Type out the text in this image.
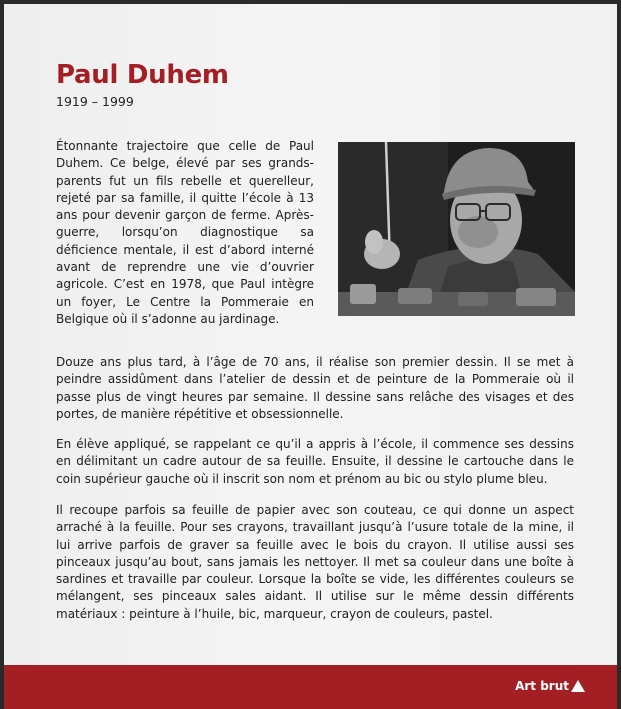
Paul Duhem
1919 – 1999

Étonnante trajectoire que celle de Paul Duhem. Ce belge, élevé par ses grands-parents fut un fils rebelle et querelleur, rejeté par sa famille, il quitte l’école à 13 ans pour devenir garçon de ferme. Après-guerre, lorsqu’on diagnostique sa déficience mentale, il est d’abord interné avant de reprendre une vie d’ouvrier agricole. C’est en 1978, que Paul intègre un foyer, Le Centre la Pommeraie en Belgique où il s’adonne au jardinage.

Douze ans plus tard, à l’âge de 70 ans, il réalise son premier dessin. Il se met à peindre assidûment dans l’atelier de dessin et de peinture de la Pommeraie où il passe plus de vingt heures par semaine. Il dessine sans relâche des visages et des portes, de manière répétitive et obsessionnelle.

En élève appliqué, se rappelant ce qu’il a appris à l’école, il commence ses dessins en délimitant un cadre autour de sa feuille. Ensuite, il dessine le cartouche dans le coin supérieur gauche où il inscrit son nom et prénom au bic ou stylo plume bleu.

Il recoupe parfois sa feuille de papier avec son couteau, ce qui donne un aspect arraché à la feuille. Pour ses crayons, travaillant jusqu’à l’usure totale de la mine, il lui arrive parfois de graver sa feuille avec le bois du crayon. Il utilise aussi ses pinceaux jusqu’au bout, sans jamais les nettoyer. Il met sa couleur dans une boîte à sardines et travaille par couleur. Lorsque la boîte se vide, les différentes couleurs se mélangent, ses pinceaux sales aidant. Il utilise sur le même dessin différents matériaux : peinture à l’huile, bic, marqueur, crayon de couleurs, pastel.

Art brut
